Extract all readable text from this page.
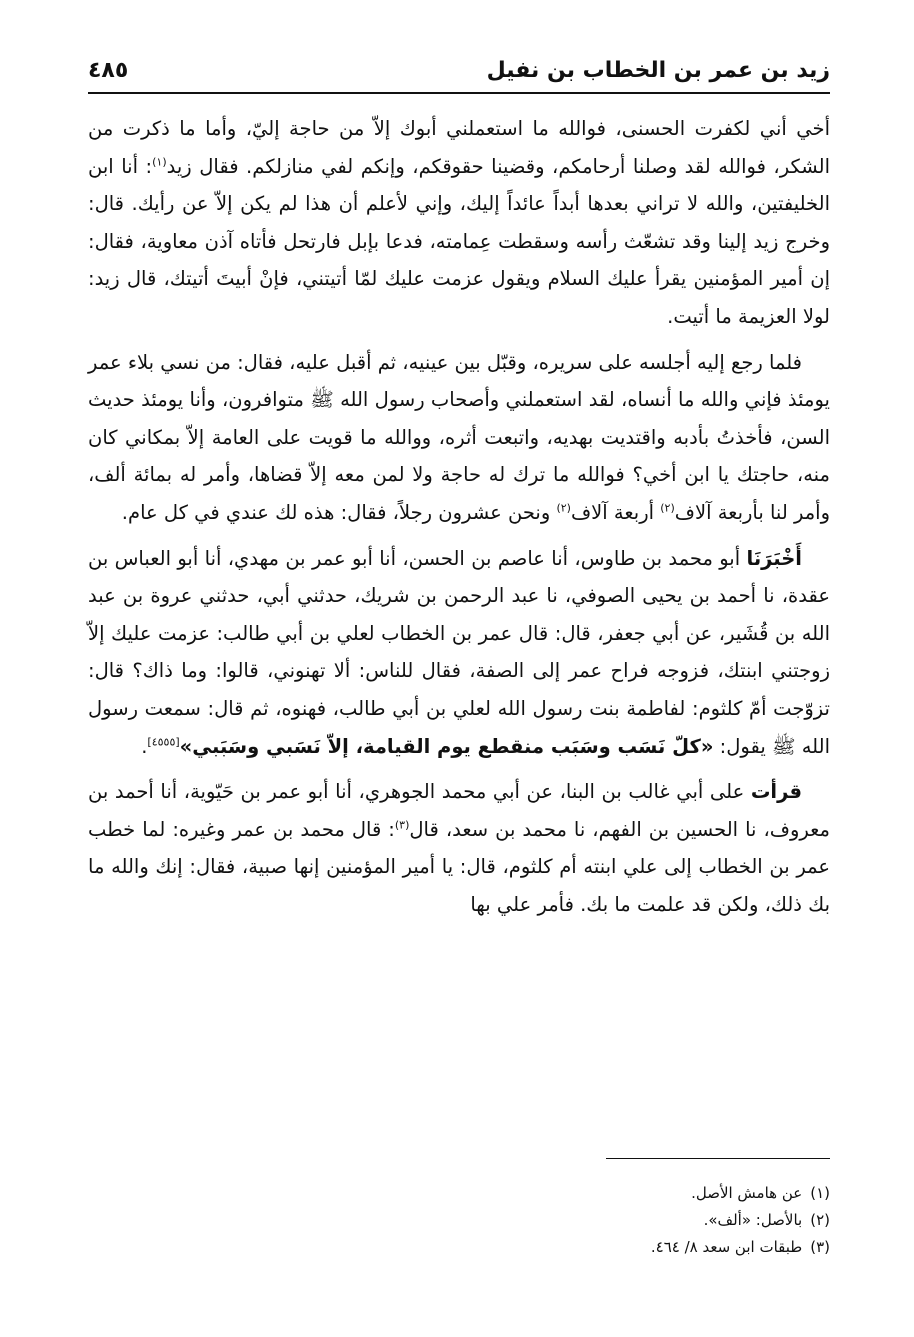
زيد بن عمر بن الخطاب بن نفيل
٤٨٥

أخي أني لكفرت الحسنى، فوالله ما استعملني أبوك إلاّ من حاجة إليّ، وأما ما ذكرت من الشكر، فوالله لقد وصلنا أرحامكم، وقضينا حقوقكم، وإنكم لفي منازلكم. فقال زيد$^{(١)}$: أنا ابن الخليفتين، والله لا تراني بعدها أبداً عائداً إليك، وإني لأعلم أن هذا لم يكن إلاّ عن رأيك. قال: وخرج زيد إلينا وقد تشعّث رأسه وسقطت عِمامته، فدعا بإبل فارتحل فأتاه آذن معاوية، فقال: إن أمير المؤمنين يقرأ عليك السلام ويقول عزمت عليك لمّا أتيتني، فإنْ أبيتَ أتيتك، قال زيد: لولا العزيمة ما أتيت.

فلما رجع إليه أجلسه على سريره، وقبّل بين عينيه، ثم أقبل عليه، فقال: من نسي بلاء عمر يومئذ فإني والله ما أنساه، لقد استعملني وأصحاب رسول الله ﷺ متوافرون، وأنا يومئذ حديث السن، فأخذتُ بأدبه واقتديت بهديه، واتبعت أثره، ووالله ما قويت على العامة إلاّ بمكاني كان منه، حاجتك يا ابن أخي؟ فوالله ما ترك له حاجة ولا لمن معه إلاّ قضاها، وأمر له بمائة ألف، وأمر لنا بأربعة آلاف$^{(٢)}$ أربعة آلاف$^{(٢)}$ ونحن عشرون رجلاً، فقال: هذه لك عندي في كل عام.

أَخْبَرَنَا أبو محمد بن طاوس، أنا عاصم بن الحسن، أنا أبو عمر بن مهدي، أنا أبو العباس بن عقدة، نا أحمد بن يحيى الصوفي، نا عبد الرحمن بن شريك، حدثني أبي، حدثني عروة بن عبد الله بن قُشَير، عن أبي جعفر، قال: قال عمر بن الخطاب لعلي بن أبي طالب: عزمت عليك إلاّ زوجتني ابنتك، فزوجه فراح عمر إلى الصفة، فقال للناس: ألا تهنوني، قالوا: وما ذاك؟ قال: تزوّجت أمّ كلثوم: لفاطمة بنت رسول الله لعلي بن أبي طالب، فهنوه، ثم قال: سمعت رسول الله ﷺ يقول: «كلّ نَسَب وسَبَب منقطع يوم القيامة، إلاّ نَسَبي وسَبَبي»[٤٥٥٥].

قرأت على أبي غالب بن البنا، عن أبي محمد الجوهري، أنا أبو عمر بن حَيّوية، أنا أحمد بن معروف، نا الحسين بن الفهم، نا محمد بن سعد، قال$^{(٣)}$: قال محمد بن عمر وغيره: لما خطب عمر بن الخطاب إلى علي ابنته أم كلثوم، قال: يا أمير المؤمنين إنها صبية، فقال: إنك والله ما بك ذلك، ولكن قد علمت ما بك. فأمر علي بها

(١)عن هامش الأصل.
(٢)بالأصل: «ألف».
(٣)طبقات ابن سعد ٨/ ٤٦٤.
